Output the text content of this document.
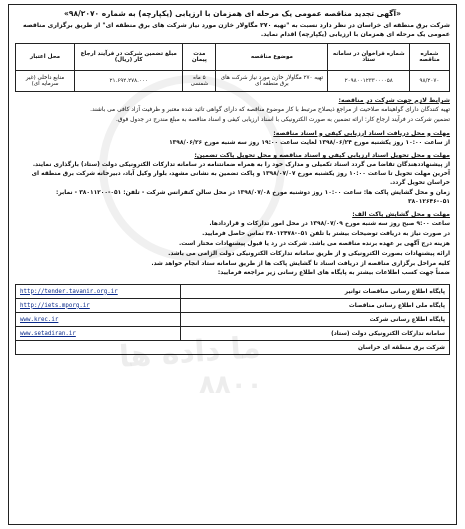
ما داده ها
۸۸۰۰
«آگهی تجدید مناقصه عمومی یک مرحله ای همزمان با ارزیابی (یکپارچه) به شماره ۹۸/۲۰۷۰»
شرکت برق منطقه ای خراسان در نظر دارد نسبت به "تهیه ۲۷۰ مگاولار خازن مورد نیاز شرکت های برق منطقه ای" از طریق برگزاری مناقصه عمومی یک مرحله ای همزمان با ارزیابی (یکپارچه) اقدام نماید.
شماره مناقصه	شماره فراخوان در سامانه ستاد	موضوع مناقصه	مدت پیمان	مبلغ تضمین شرکت در فرآیند ارجاع کار (ریال)	محل اعتبار
۹۸/۲۰۷۰	۲۰۹۸۰۰۱۲۳۳۰۰۰۰۵۸	تهیه ۲۷۰ مگاولار خازن مورد نیاز شرکت های برق منطقه ای	۵ ماه شمسی	۲۱.۶۹۲.۲۷۸.۰۰۰	منابع داخلی (غیر سرمایه ای)
شرایط لازم جهت شرکت در مناقصه:
تهیه کنندگان دارای گواهینامه صلاحیت از مراجع ذیصلاح مرتبط با کار موضوع مناقصه که دارای گواهی تائید شده معتبر و ظرفیت آزاد کافی می باشند.
تضمین شرکت در فرآیند ارجاع کار: ارائه تضمین به صورت الکترونیکی با اسناد ارزیابی کیفی و اسناد مناقصه به مبلغ مندرج در جدول فوق.
مهلت و محل دریافت اسناد ارزیابی کیفی و اسناد مناقصه:
از ساعت ۱۰:۰۰ روز یکشنبه مورخ ۱۳۹۸/۰۶/۲۴ لغایت ساعت ۱۹:۰۰ روز سه شنبه مورخ ۱۳۹۸/۰۶/۲۶
مهلت و محل تحویل اسناد ارزیابی کیفی و اسناد مناقصه و محل تحویل پاکت تضمین:
از پیشنهاددهندگان تقاضا می گردد اسناد تکمیلی و مدارک خود را به همراه ضمانتنامه در سامانه تدارکات الکترونیکی دولت (ستاد) بارگذاری نمایند. آخرین مهلت تحویل تا ساعت ۱۰:۰۰ روز یکشنبه مورخ ۱۳۹۸/۰۷/۰۷ و پاکت تضمین به نشانی مشهد، بلوار وکیل آباد، دبیرخانه شرکت برق منطقه ای خراسان تحویل گردد.
زمان و محل گشایش پاکت ها: ساعت ۱۰:۰۰ روز دوشنبه مورخ ۱۳۹۸/۰۷/۰۸ در محل سالن کنفرانس شرکت - تلفن: ۰۵۱-۳۸۰۱۱۲۰۰ - نمابر: ۰۵۱-۳۸۰۱۲۶۴۶
مهلت و محل گشایش پاکت الف:
ساعت ۹:۰۰ صبح روز سه شنبه مورخ ۱۳۹۸/۰۷/۰۹ در محل امور تدارکات و قراردادها.
در صورت نیاز به دریافت توضیحات بیشتر با تلفن ۰۵۱-۳۸۰۱۲۴۷۸ تماس حاصل فرمایید.
هزینه درج آگهی بر عهده برنده مناقصه می باشد. شرکت در رد یا قبول پیشنهادات مختار است.
ارائه پیشنهادات بصورت الکترونیکی و از طریق سامانه تدارکات الکترونیکی دولت الزامی می باشد.
کلیه مراحل برگزاری مناقصه از دریافت اسناد تا گشایش پاکت ها از طریق سامانه ستاد انجام خواهد شد.
ضمناً جهت کسب اطلاعات بیشتر به پایگاه های اطلاع رسانی زیر مراجعه فرمایید:
پایگاه اطلاع رسانی مناقصات توانیر	http://tender.tavanir.org.ir
پایگاه ملی اطلاع رسانی مناقصات	http://iets.mporg.ir
پایگاه اطلاع رسانی شرکت	www.krec.ir
سامانه تدارکات الکترونیکی دولت (ستاد)	www.setadiran.ir
شرکت برق منطقه ای خراسان	
